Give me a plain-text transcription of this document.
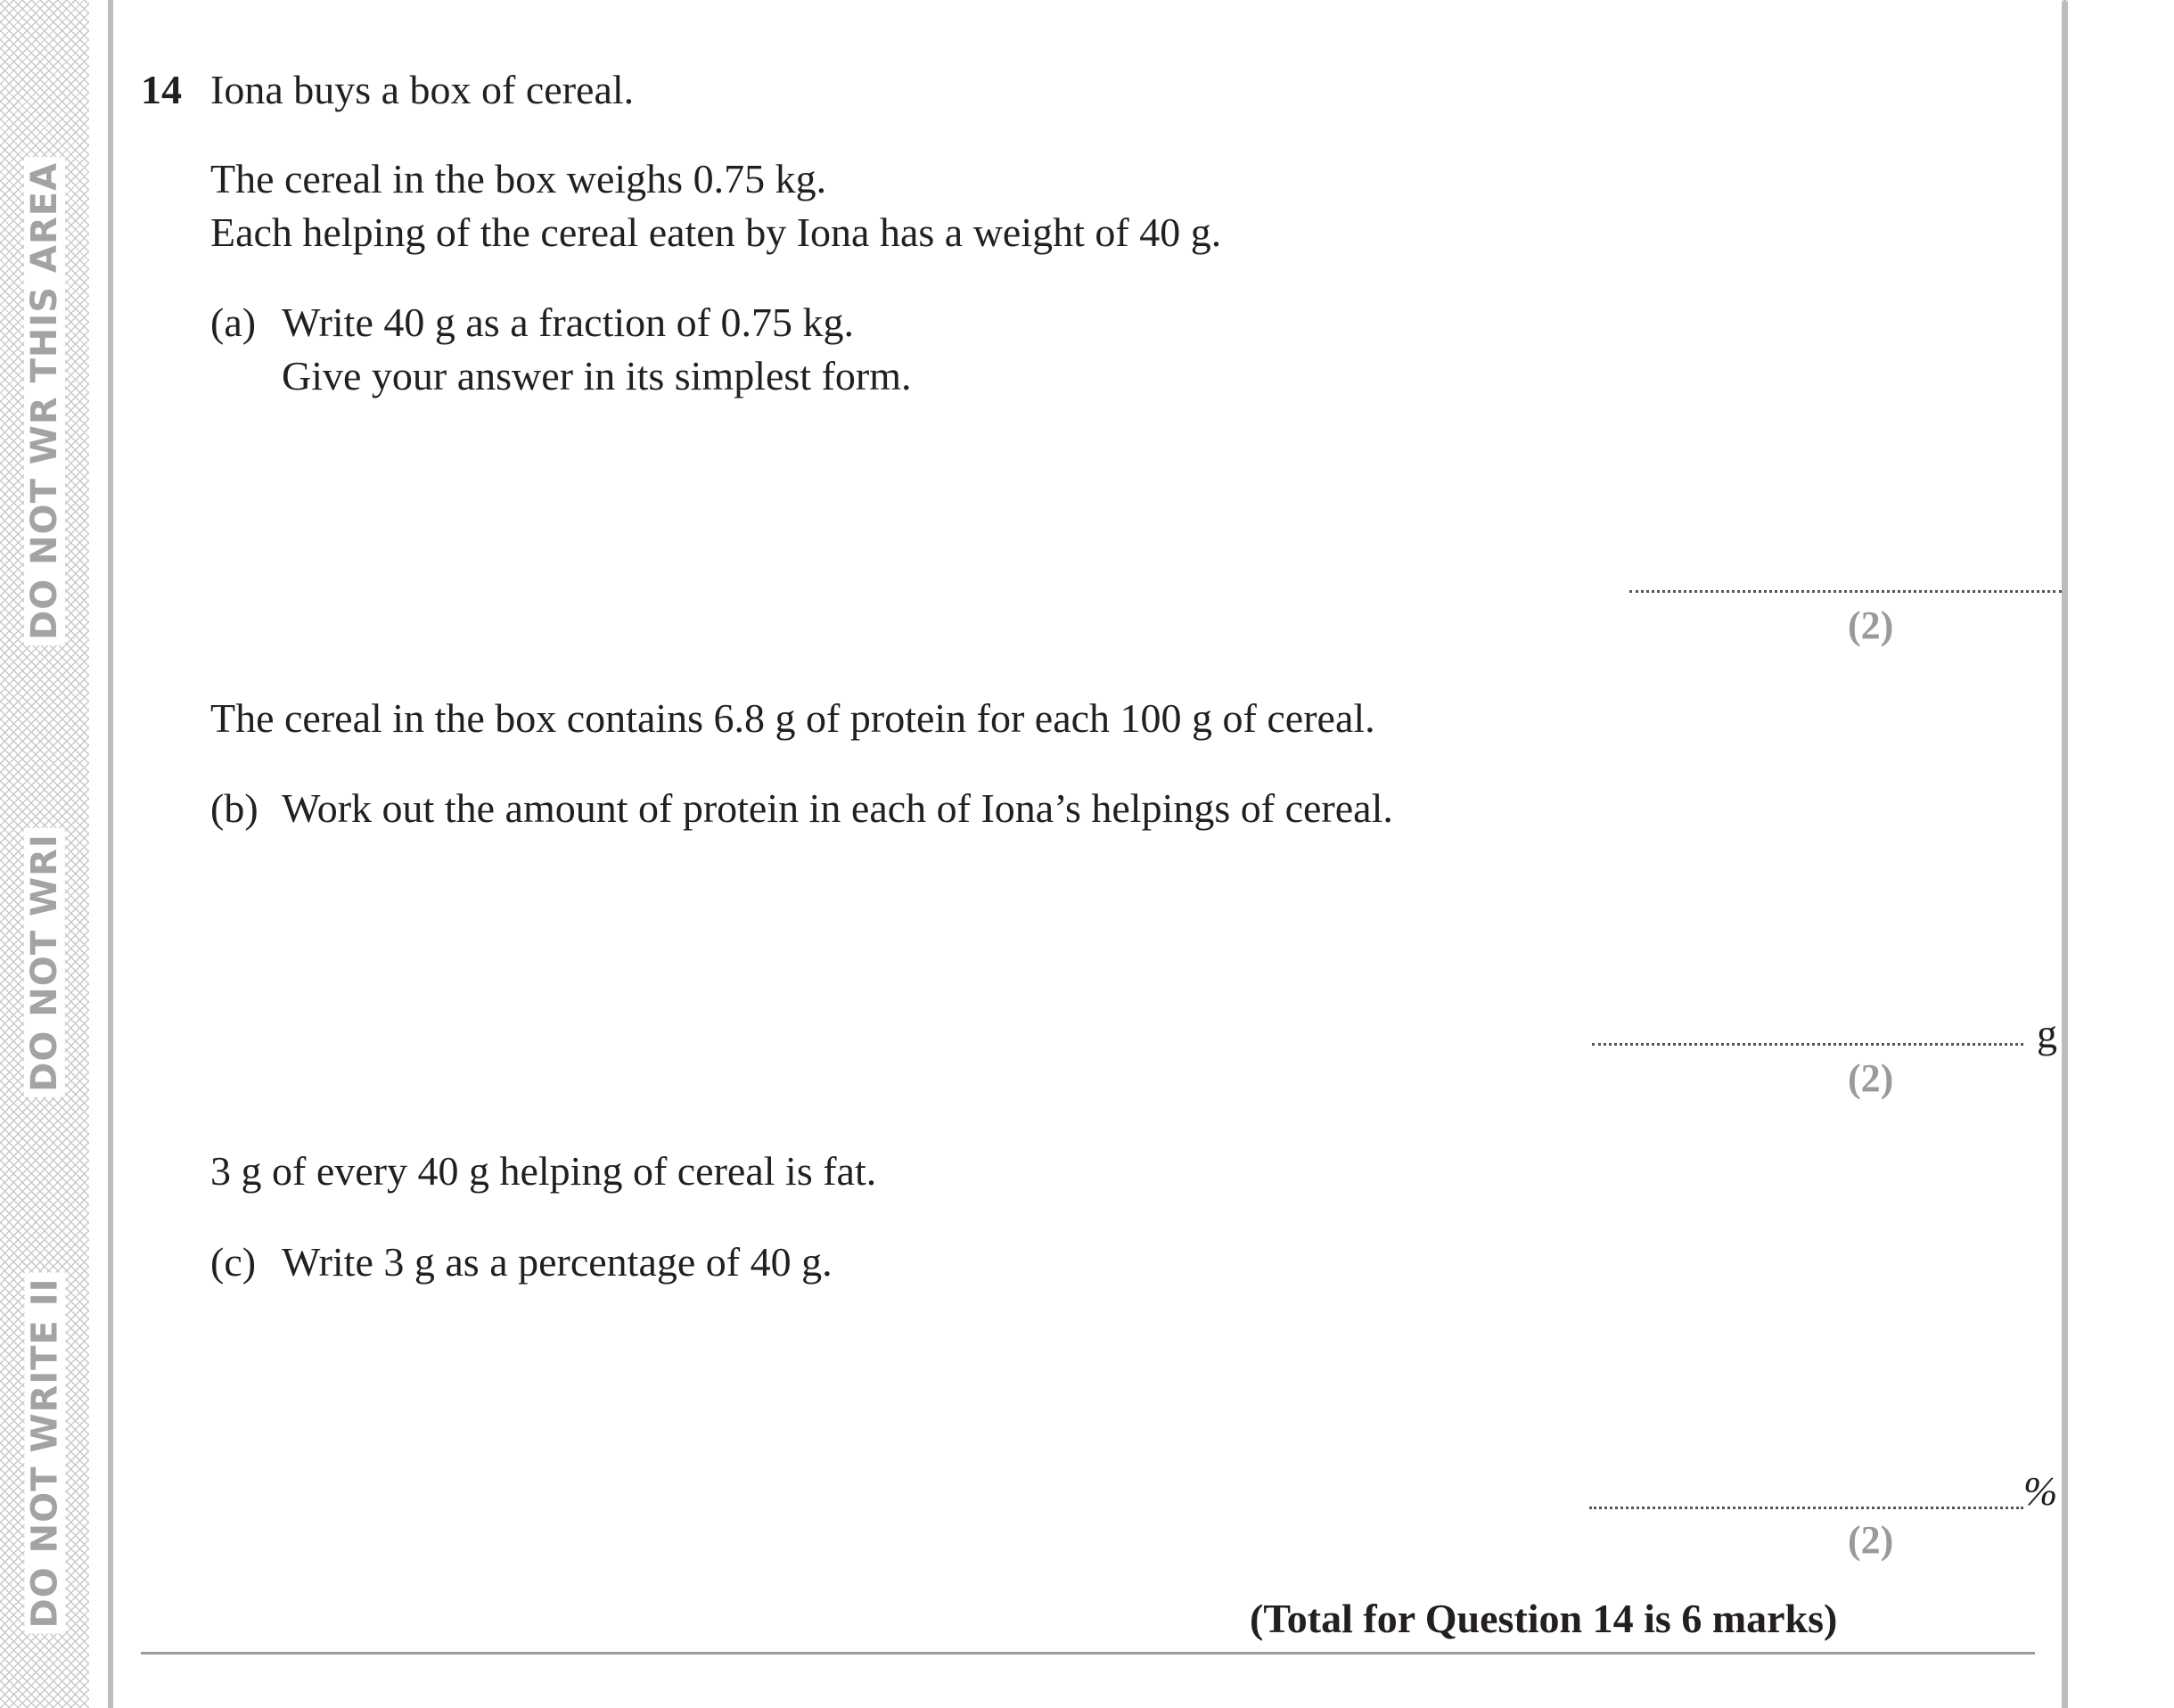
DO NOT WR THIS AREA
DO NOT WRI
DO NOT WRITE II
14 Iona buys a box of cereal.
The cereal in the box weighs 0.75 kg.
Each helping of the cereal eaten by Iona has a weight of 40 g.
(a) Write 40 g as a fraction of 0.75 kg.
Give your answer in its simplest form.
(2)
The cereal in the box contains 6.8 g of protein for each 100 g of cereal.
(b) Work out the amount of protein in each of Iona’s helpings of cereal.
g
(2)
3 g of every 40 g helping of cereal is fat.
(c) Write 3 g as a percentage of 40 g.
%
(2)
(Total for Question 14 is 6 marks)
